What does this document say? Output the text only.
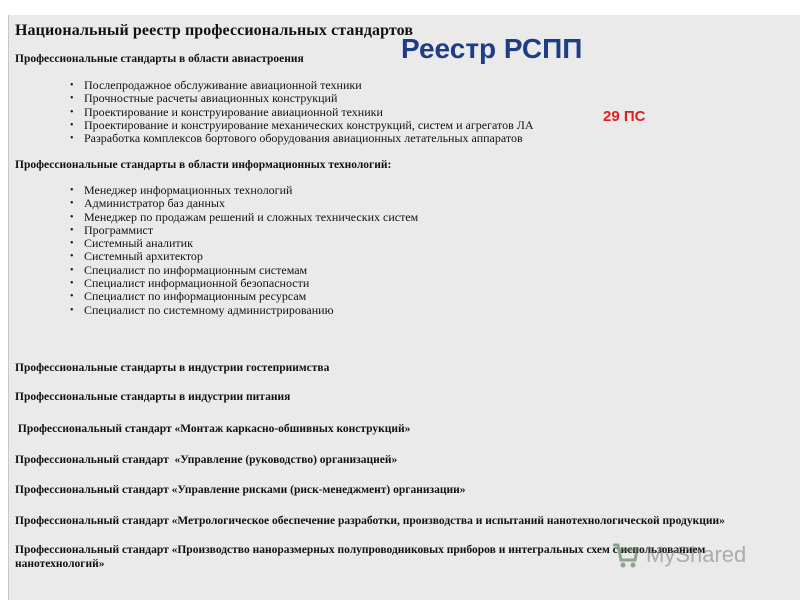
Национальный реестр профессиональных стандартов
Реестр РСПП
29 ПС
Профессиональные стандарты в области авиастроения
• Послепродажное обслуживание авиационной техники
• Прочностные расчеты авиационных конструкций
• Проектирование и конструирование авиационной техники
• Проектирование и конструирование механических конструкций, систем и агрегатов ЛА
• Разработка комплексов бортового оборудования авиационных летательных аппаратов
Профессиональные стандарты в области информационных технологий:
• Менеджер информационных технологий
• Администратор баз данных
• Менеджер по продажам решений и сложных технических систем
• Программист
• Системный аналитик
• Системный архитектор
• Специалист по информационным системам
• Специалист информационной безопасности
• Специалист по информационным ресурсам
• Специалист по системному администрированию
Профессиональные стандарты в индустрии гостеприимства
Профессиональные стандарты в индустрии питания
Профессиональный стандарт «Монтаж каркасно-обшивных конструкций»
Профессиональный стандарт  «Управление (руководство) организацией»
Профессиональный стандарт «Управление рисками (риск-менеджмент) организации»
Профессиональный стандарт «Метрологическое обеспечение разработки, производства и испытаний нанотехнологической продукции»
Профессиональный стандарт «Производство наноразмерных полупроводниковых приборов и интегральных схем с использованием нанотехнологий»	MyShared
